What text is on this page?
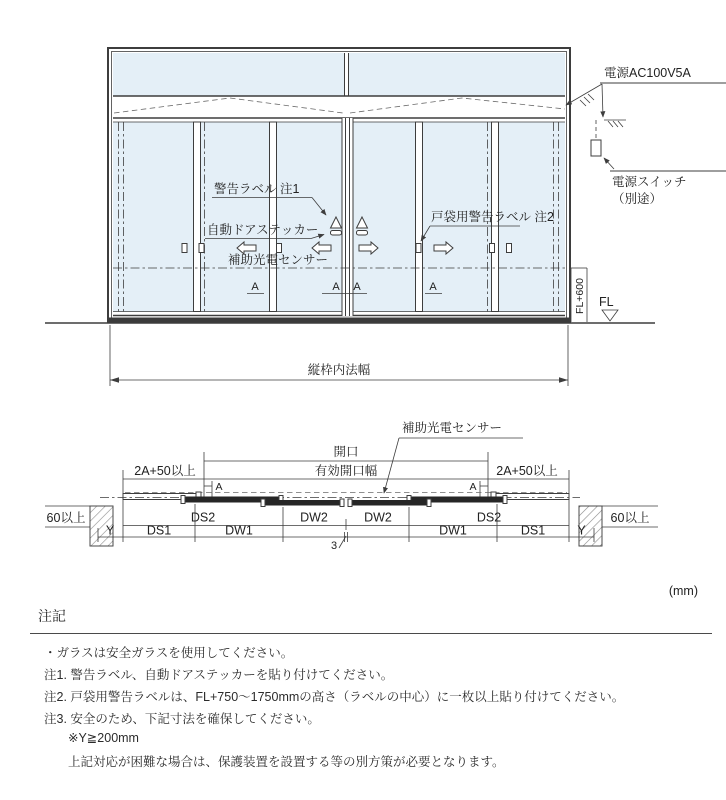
警告ラベル 注1
自動ドアステッカー
補助光電センサー
戸袋用警告ラベル 注2
A	A A	A	FL+600 FL
電源AC100V5A
電源スイッチ
（別途）
縦枠内法幅
補助光電センサー
開口
2A+50以上	有効開口幅	2A+50以上
A	A
60以上	60以上
DS2	DW2	DW2	DS2
Y	DS1	DW1	DW1	DS1	Y
3
(mm)
注記
・ガラスは安全ガラスを使用してください。
注1. 警告ラベル、自動ドアステッカーを貼り付けてください。
注2. 戸袋用警告ラベルは、FL+750〜1750mmの高さ（ラベルの中心）に一枚以上貼り付けてください。
注3. 安全のため、下記寸法を確保してください。
※Y≧200mm
上記対応が困難な場合は、保護装置を設置する等の別方策が必要となります。
